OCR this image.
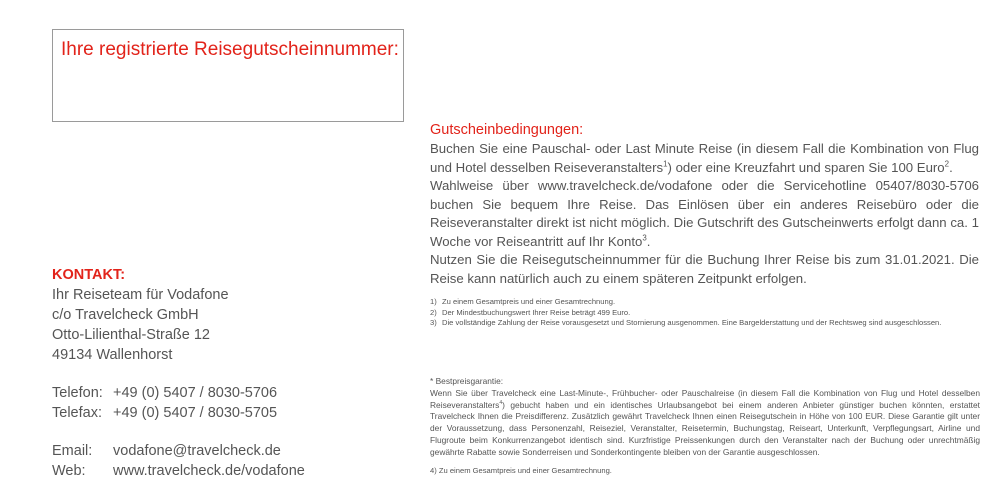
Ihre registrierte Reisegutscheinnummer:
KONTAKT:
Ihr Reiseteam für Vodafone
c/o Travelcheck GmbH
Otto-Lilienthal-Straße 12
49134 Wallenhorst
Telefon: +49 (0) 5407 / 8030-5706
Telefax: +49 (0) 5407 / 8030-5705
Email:	vodafone@travelcheck.de
Web:	www.travelcheck.de/vodafone
Gutscheinbedingungen:

Buchen Sie eine Pauschal- oder Last Minute Reise (in diesem Fall die Kombination von Flug und Hotel desselben Reiseveranstalters$^1$) oder eine Kreuzfahrt und sparen Sie 100 Euro$^2$.

Wahlweise über www.travelcheck.de/vodafone oder die Servicehotline 05407/8030-5706 buchen Sie bequem Ihre Reise. Das Einlösen über ein anderes Reisebüro oder die Reiseveranstalter direkt ist nicht möglich. Die Gutschrift des Gutscheinwerts erfolgt dann ca. 1 Woche vor Reiseantritt auf Ihr Konto$^3$.

Nutzen Sie die Reisegutscheinnummer für die Buchung Ihrer Reise bis zum 31.01.2021. Die Reise kann natürlich auch zu einem späteren Zeitpunkt erfolgen.

1) Zu einem Gesamtpreis und einer Gesamtrechnung.
2) Der Mindestbuchungswert Ihrer Reise beträgt 499 Euro.
3) Die vollständige Zahlung der Reise vorausgesetzt und Stornierung ausgenommen. Eine Bargelderstattung und der Rechtsweg sind ausgeschlossen.
* Bestpreisgarantie:
Wenn Sie über Travelcheck eine Last-Minute-, Frühbucher- oder Pauschalreise (in diesem Fall die Kombination von Flug und Hotel desselben Reiseveranstalters$^4$) gebucht haben und ein identisches Urlaubsangebot bei einem anderen Anbieter günstiger buchen könnten, erstattet Travelcheck Ihnen die Preisdifferenz. Zusätzlich gewährt Travelcheck Ihnen einen Reisegutschein in Höhe von 100 EUR. Diese Garantie gilt unter der Voraussetzung, dass Personenzahl, Reiseziel, Veranstalter, Reisetermin, Buchungstag, Reiseart, Unterkunft, Verpflegungsart, Airline und Flugroute beim Konkurrenzangebot identisch sind. Kurzfristige Preissenkungen durch den Veranstalter nach der Buchung oder unrechtmäßig gewährte Rabatte sowie Sonderreisen und Sonderkontingente bleiben von der Garantie ausgeschlossen.
4) Zu einem Gesamtpreis und einer Gesamtrechnung.
